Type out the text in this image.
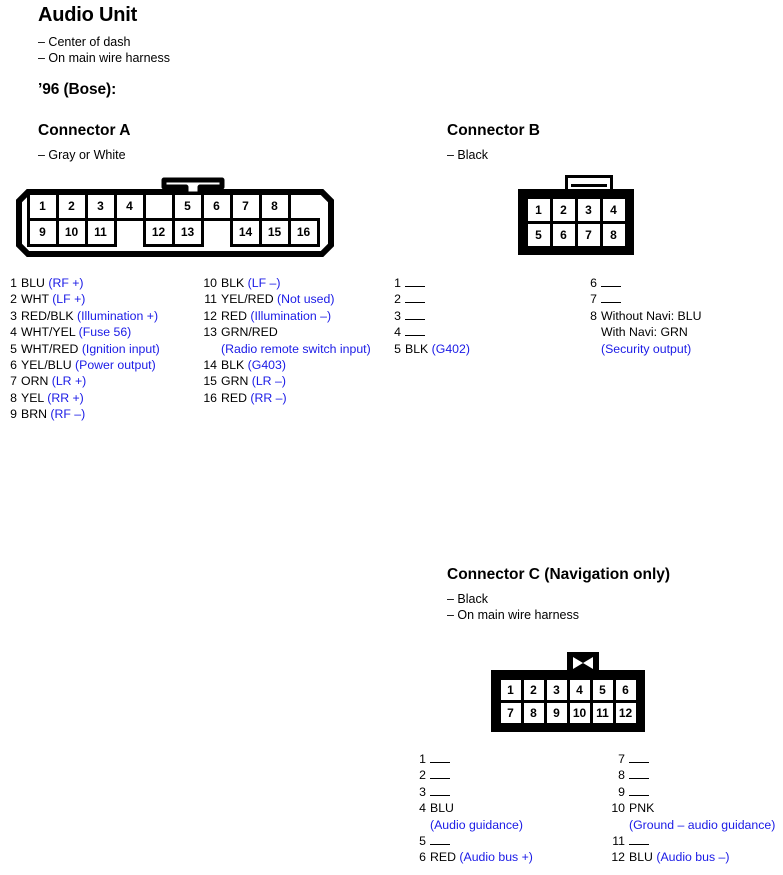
Audio Unit
– Center of dash
– On main wire harness
’96 (Bose):
Connector A
– Gray or White
1	2	3	4	5	6	7	8
9	10	11	12	13	14	15	16
1 BLU (RF +)
2 WHT (LF +)
3 RED/BLK (Illumination +)
4 WHT/YEL (Fuse 56)
5 WHT/RED (Ignition input)
6 YEL/BLU (Power output)
7 ORN (LR +)
8 YEL (RR +)
9 BRN (RF –)
10 BLK (LF –)
11 YEL/RED (Not used)
12 RED (Illumination –)
13 GRN/RED
(Radio remote switch input)
14 BLK (G403)
15 GRN (LR –)
16 RED (RR –)
Connector B
– Black
1	2	3	4
5	6	7	8
1
2
3
4
5 BLK (G402)
6
7
8 Without Navi: BLU
With Navi: GRN
(Security output)
Connector C (Navigation only)
– Black
– On main wire harness
1	2	3	4	5	6
7	8	9	10 11 12
1
2
3
4 BLU
(Audio guidance)
5
6 RED (Audio bus +)
7
8
9
10 PNK
(Ground – audio guidance)
11
12 BLU (Audio bus –)
